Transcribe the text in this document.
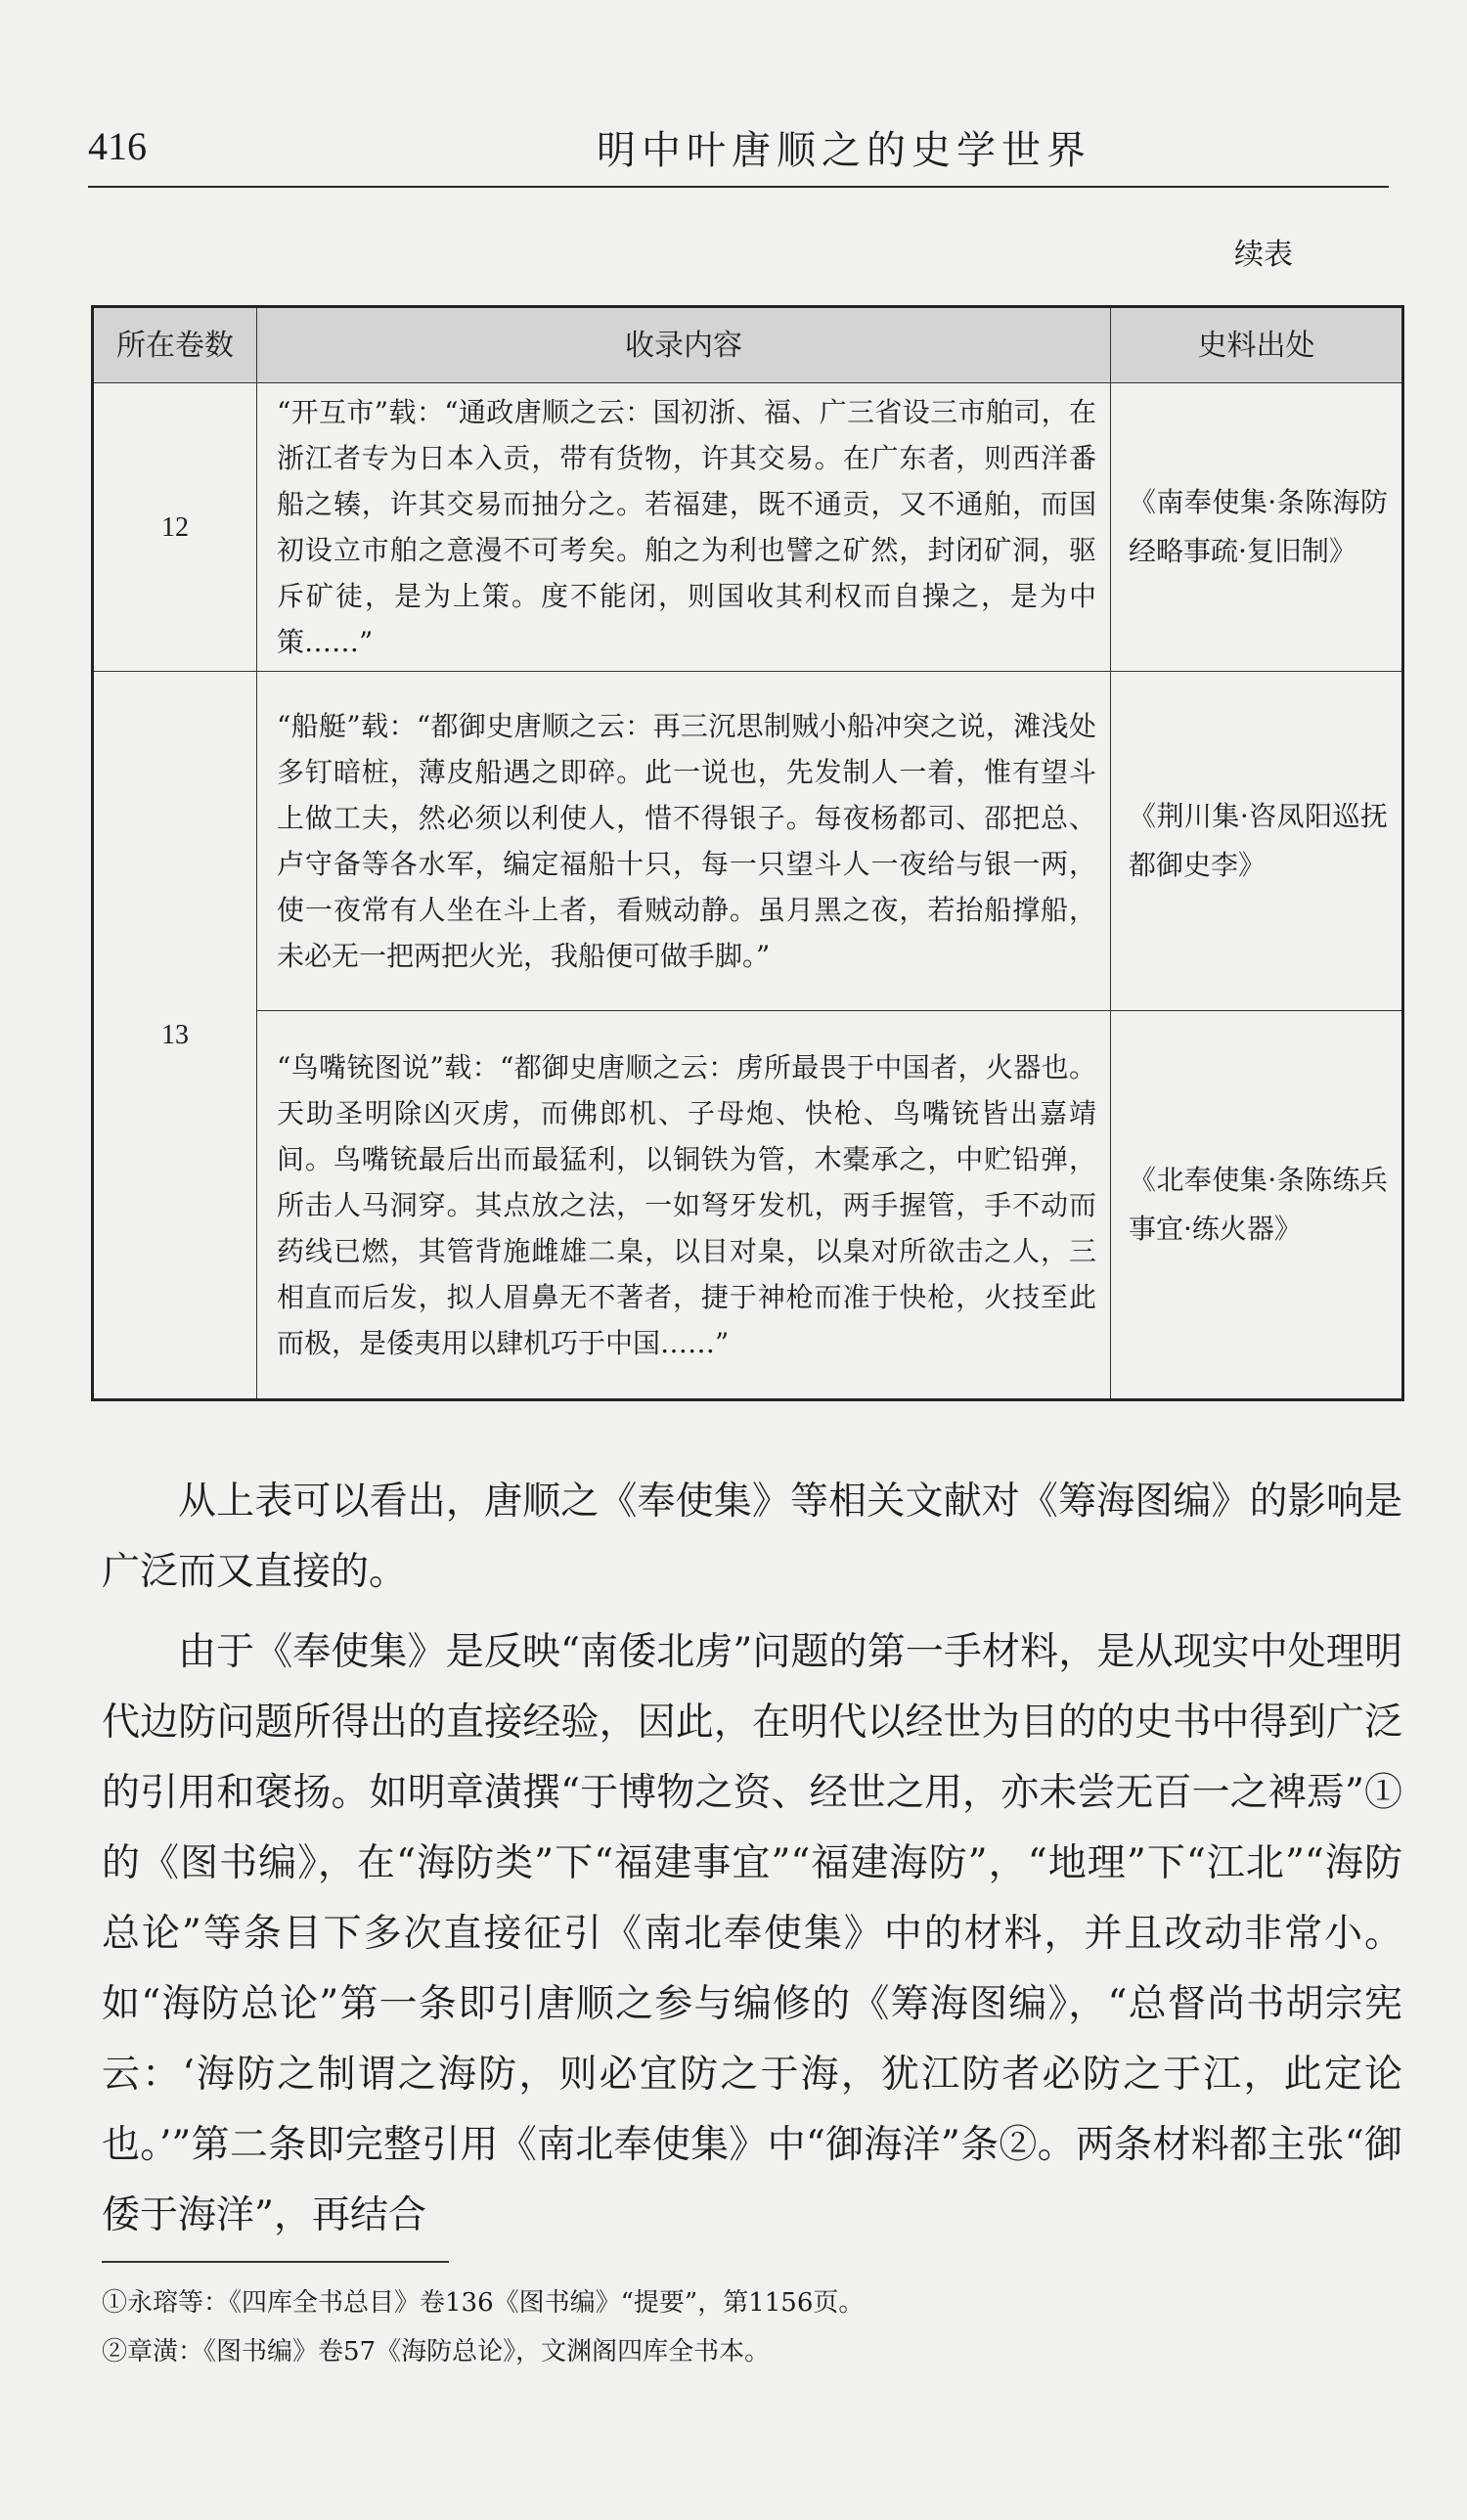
416	明中叶唐顺之的史学世界
续表
所在卷数	收录内容	史料出处
12	“开互市”载：“通政唐顺之云：国初浙、福、广三省设三市舶司，在浙江者专为日本入贡，带有货物，许其交易。在广东者，则西洋番船之辏，许其交易而抽分之。若福建，既不通贡，又不通舶，而国初设立市舶之意漫不可考矣。舶之为利也譬之矿然，封闭矿洞，驱斥矿徒，是为上策。度不能闭，则国收其利权而自操之，是为中策……”	《南奉使集·条陈海防经略事疏·复旧制》
13	“船艇”载：“都御史唐顺之云：再三沉思制贼小船冲突之说，滩浅处多钉暗桩，薄皮船遇之即碎。此一说也，先发制人一着，惟有望斗上做工夫，然必须以利使人，惜不得银子。每夜杨都司、邵把总、卢守备等各水军，编定福船十只，每一只望斗人一夜给与银一两，使一夜常有人坐在斗上者，看贼动静。虽月黑之夜，若抬船撑船，未必无一把两把火光，我船便可做手脚。”	《荆川集·咨凤阳巡抚都御史李》
	“鸟嘴铳图说”载：“都御史唐顺之云：虏所最畏于中国者，火器也。天助圣明除凶灭虏，而佛郎机、子母炮、快枪、鸟嘴铳皆出嘉靖间。鸟嘴铳最后出而最猛利，以铜铁为管，木橐承之，中贮铅弹，所击人马洞穿。其点放之法，一如弩牙发机，两手握管，手不动而药线已燃，其管背施雌雄二臬，以目对臬，以臬对所欲击之人，三相直而后发，拟人眉鼻无不著者，捷于神枪而准于快枪，火技至此而极，是倭夷用以肆机巧于中国……”	《北奉使集·条陈练兵事宜·练火器》

从上表可以看出，唐顺之《奉使集》等相关文献对《筹海图编》的影响是广泛而又直接的。

由于《奉使集》是反映“南倭北虏”问题的第一手材料，是从现实中处理明代边防问题所得出的直接经验，因此，在明代以经世为目的的史书中得到广泛的引用和褒扬。如明章潢撰“于博物之资、经世之用，亦未尝无百一之裨焉”①的《图书编》，在“海防类”下“福建事宜”“福建海防”，“地理”下“江北”“海防总论”等条目下多次直接征引《南北奉使集》中的材料，并且改动非常小。如“海防总论”第一条即引唐顺之参与编修的《筹海图编》，“总督尚书胡宗宪云：‘海防之制谓之海防，则必宜防之于海，犹江防者必防之于江，此定论也。’”第二条即完整引用《南北奉使集》中“御海洋”条②。两条材料都主张“御倭于海洋”，再结合

①永瑢等：《四库全书总目》卷136《图书编》“提要”，第1156页。
②章潢：《图书编》卷57《海防总论》，文渊阁四库全书本。
